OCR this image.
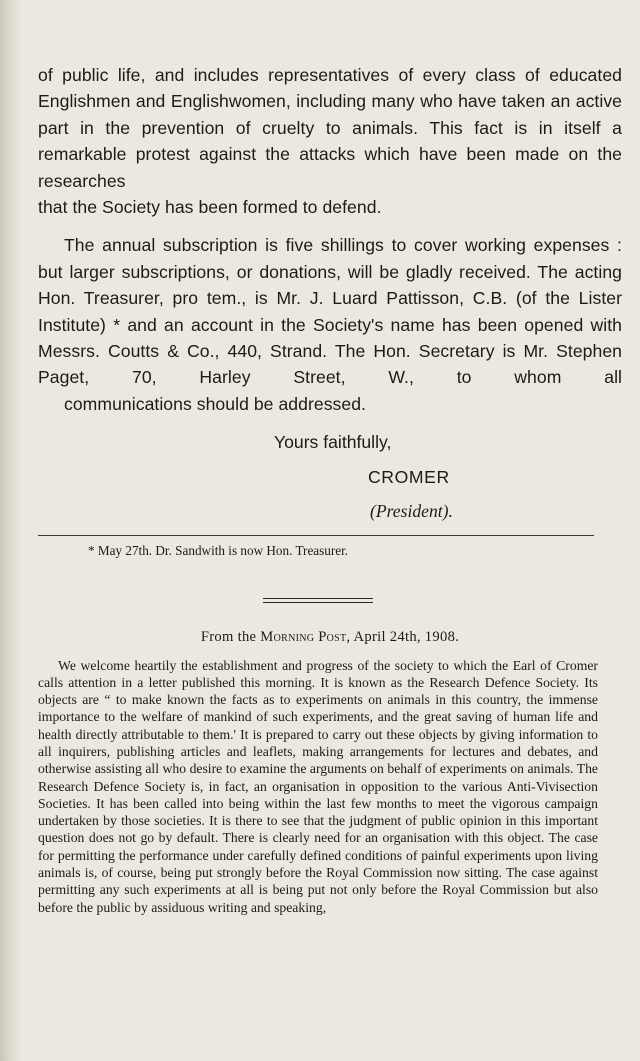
of public life, and includes representatives of every class of educated Englishmen and Englishwomen, including many who have taken an active part in the prevention of cruelty to animals. This fact is in itself a remarkable protest against the attacks which have been made on the researches
that the Society has been formed to defend.

The annual subscription is five shillings to cover working expenses : but larger subscriptions, or donations, will be gladly received. The acting Hon. Treasurer, pro tem., is Mr. J. Luard Pattisson, C.B. (of the Lister Institute) * and an account in the Society's name has been opened with Messrs. Coutts & Co., 440, Strand. The Hon. Secretary is Mr. Stephen Paget, 70, Harley Street, W., to whom all
communications should be addressed.

Yours faithfully,
CROMER
(President).
* May 27th. Dr. Sandwith is now Hon. Treasurer.
From the Morning Post, April 24th, 1908.
We welcome heartily the establishment and progress of the society to which the Earl of Cromer calls attention in a letter published this morning. It is known as the Research Defence Society. Its objects are “ to make known the facts as to experiments on animals in this country, the immense importance to the welfare of mankind of such experiments, and the great saving of human life and health directly attributable to them.' It is prepared to carry out these objects by giving information to all inquirers, publishing articles and leaflets, making arrangements for lectures and debates, and otherwise assisting all who desire to examine the arguments on behalf of experiments on animals. The Research Defence Society is, in fact, an organisation in opposition to the various Anti-Vivisection Societies. It has been called into being within the last few months to meet the vigorous campaign undertaken by those societies. It is there to see that the judgment of public opinion in this important question does not go by default. There is clearly need for an organisation with this object. The case for permitting the performance under carefully defined conditions of painful experiments upon living animals is, of course, being put strongly before the Royal Commission now sitting. The case against permitting any such experiments at all is being put not only before the Royal Commission but also before the public by assiduous writing and speaking,
